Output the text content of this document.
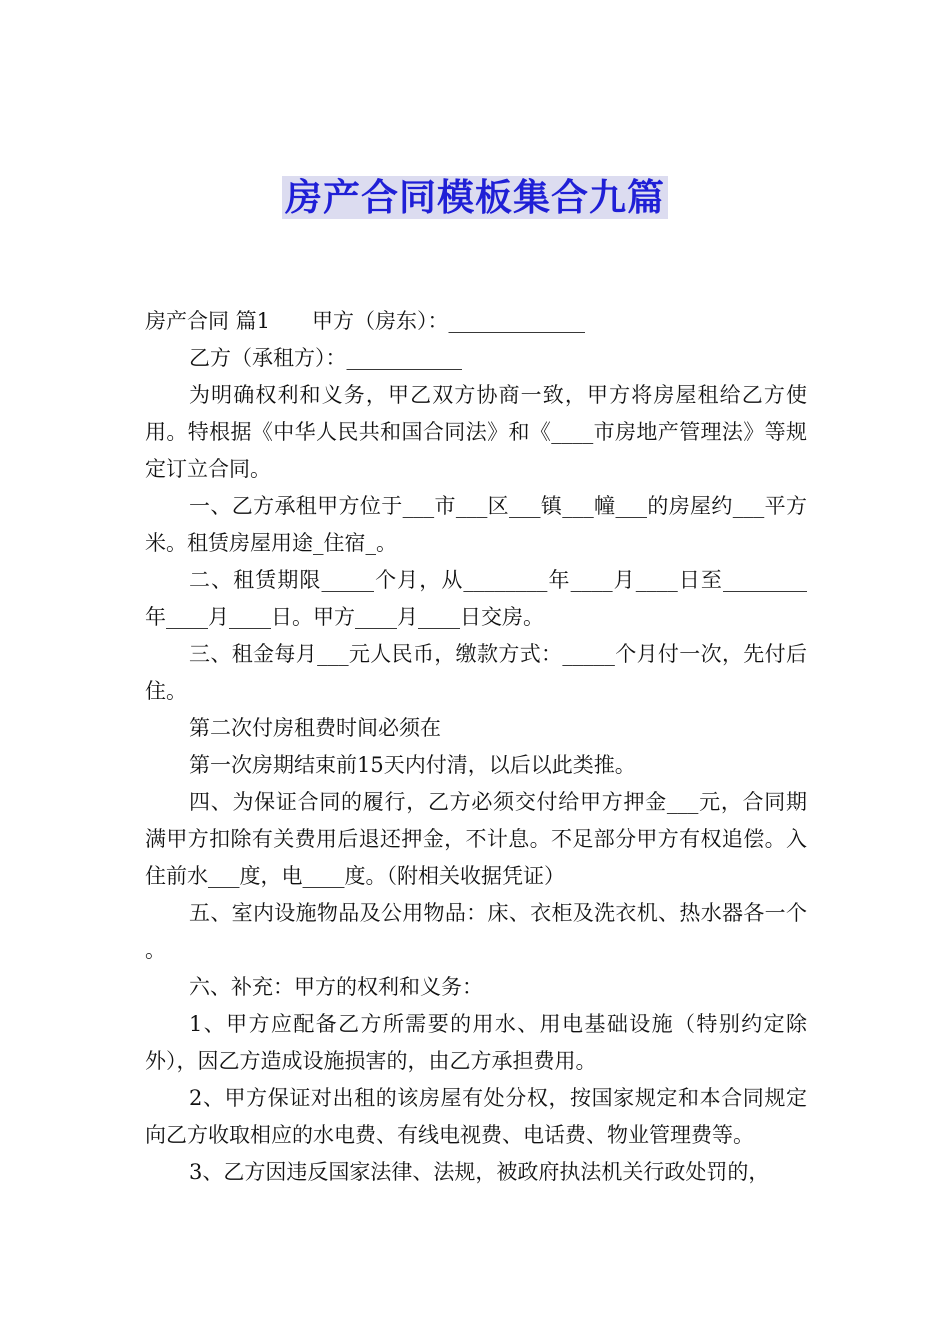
房产合同模板集合九篇

房产合同 篇1　　甲方（房东）：_____________

乙方（承租方）：___________

为明确权利和义务，甲乙双方协商一致，甲方将房屋租给乙方使用。特根据《中华人民共和国合同法》和《____市房地产管理法》等规定订立合同。

一、乙方承租甲方位于___市___区___镇___幢___的房屋约___平方米。租赁房屋用途_住宿_。

二、租赁期限_____个月，从________年____月____日至________年____月____日。甲方____月____日交房。

三、租金每月___元人民币，缴款方式：_____个月付一次，先付后住。

第二次付房租费时间必须在

第一次房期结束前15天内付清，以后以此类推。

四、为保证合同的履行，乙方必须交付给甲方押金___元，合同期满甲方扣除有关费用后退还押金，不计息。不足部分甲方有权追偿。入住前水___度，电____度。（附相关收据凭证）

五、室内设施物品及公用物品：床、衣柜及洗衣机、热水器各一个 。

六、补充：甲方的权利和义务：

1、甲方应配备乙方所需要的用水、用电基础设施（特别约定除外），因乙方造成设施损害的，由乙方承担费用。

2、甲方保证对出租的该房屋有处分权，按国家规定和本合同规定向乙方收取相应的水电费、有线电视费、电话费、物业管理费等。

3、乙方因违反国家法律、法规，被政府执法机关行政处罚的，
